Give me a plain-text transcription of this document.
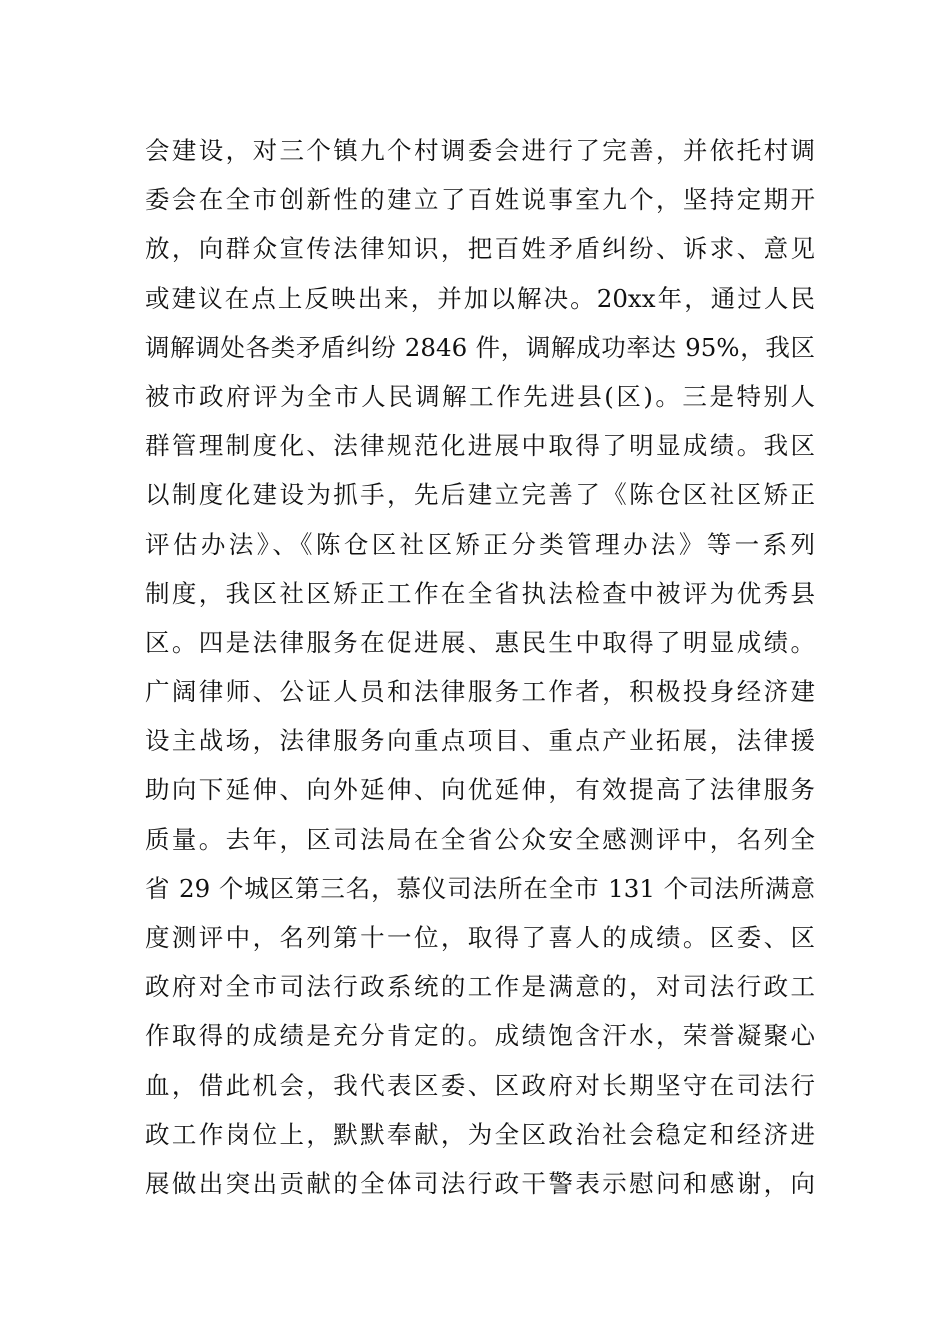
会建设，对三个镇九个村调委会进行了完善，并依托村调
委会在全市创新性的建立了百姓说事室九个，坚持定期开
放，向群众宣传法律知识，把百姓矛盾纠纷、诉求、意见
或建议在点上反映出来，并加以解决。20xx年，通过人民
调解调处各类矛盾纠纷 2846 件，调解成功率达 95%，我区
被市政府评为全市人民调解工作先进县(区)。三是特别人
群管理制度化、法律规范化进展中取得了明显成绩。我区
以制度化建设为抓手，先后建立完善了《陈仓区社区矫正
评估办法》、《陈仓区社区矫正分类管理办法》等一系列
制度，我区社区矫正工作在全省执法检查中被评为优秀县
区。四是法律服务在促进展、惠民生中取得了明显成绩。
广阔律师、公证人员和法律服务工作者，积极投身经济建
设主战场，法律服务向重点项目、重点产业拓展，法律援
助向下延伸、向外延伸、向优延伸，有效提高了法律服务
质量。去年，区司法局在全省公众安全感测评中，名列全
省 29 个城区第三名，慕仪司法所在全市 131 个司法所满意
度测评中，名列第十一位，取得了喜人的成绩。区委、区
政府对全市司法行政系统的工作是满意的，对司法行政工
作取得的成绩是充分肯定的。成绩饱含汗水，荣誉凝聚心
血，借此机会，我代表区委、区政府对长期坚守在司法行
政工作岗位上，默默奉献，为全区政治社会稳定和经济进
展做出突出贡献的全体司法行政干警表示慰问和感谢，向
